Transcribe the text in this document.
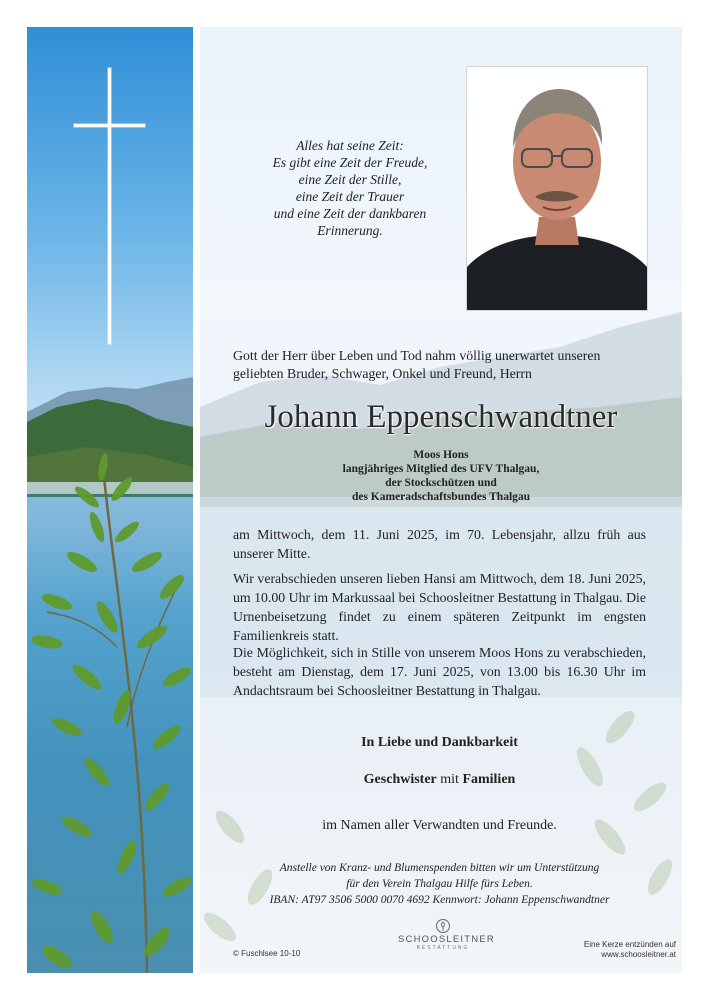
Alles hat seine Zeit:
Es gibt eine Zeit der Freude,
eine Zeit der Stille,
eine Zeit der Trauer
und eine Zeit der dankbaren
Erinnerung.
Gott der Herr über Leben und Tod nahm völlig unerwartet unseren geliebten Bruder, Schwager, Onkel und Freund, Herrn
Johann Eppenschwandtner
Moos Hons
langjähriges Mitglied des UFV Thalgau,
der Stockschützen und
des Kameradschaftsbundes Thalgau
am Mittwoch, dem 11. Juni 2025, im 70. Lebensjahr, allzu früh aus unserer Mitte.
Wir verabschieden unseren lieben Hansi am Mittwoch, dem 18. Juni 2025, um 10.00 Uhr im Markussaal bei Schoosleitner Bestattung in Thalgau. Die Urnenbeisetzung findet zu einem späteren Zeitpunkt im engsten Familienkreis statt.
Die Möglichkeit, sich in Stille von unserem Moos Hons zu verabschieden, besteht am Dienstag, dem 17. Juni 2025, von 13.00 bis 16.30 Uhr im Andachtsraum bei Schoosleitner Bestattung in Thalgau.
In Liebe und Dankbarkeit
Geschwister mit Familien
im Namen aller Verwandten und Freunde.
Anstelle von Kranz- und Blumenspenden bitten wir um Unterstützung
für den Verein Thalgau Hilfe fürs Leben.
IBAN: AT97 3506 5000 0070 4692 Kennwort: Johann Eppenschwandtner
© Fuschlsee 10-10
SCHOOSLEITNER
BESTATTUNG	Eine Kerze entzünden auf
www.schoosleitner.at
